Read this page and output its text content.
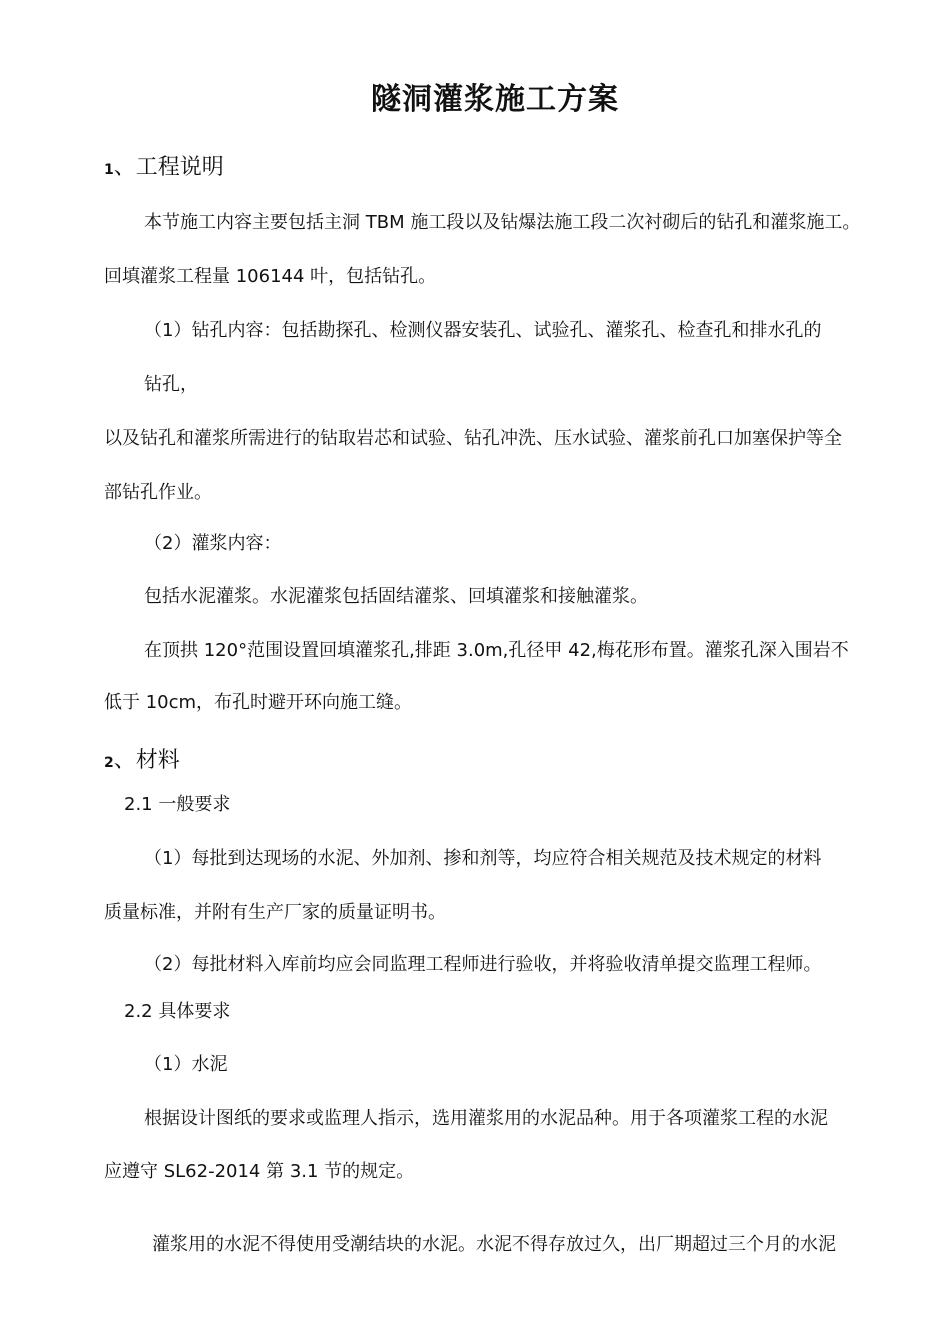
隧洞灌浆施工方案
1、工程说明
本节施工内容主要包括主洞 TBM 施工段以及钻爆法施工段二次衬砌后的钻孔和灌浆施工。
回填灌浆工程量 106144 叶，包括钻孔。
（1）钻孔内容：包括勘探孔、检测仪器安装孔、试验孔、灌浆孔、检查孔和排水孔的
钻孔，
以及钻孔和灌浆所需进行的钻取岩芯和试验、钻孔冲洗、压水试验、灌浆前孔口加塞保护等全
部钻孔作业。
（2）灌浆内容：
包括水泥灌浆。水泥灌浆包括固结灌浆、回填灌浆和接触灌浆。
在顶拱 120°范围设置回填灌浆孔,排距 3.0m,孔径甲 42,梅花形布置。灌浆孔深入围岩不
低于 10cm，布孔时避开环向施工缝。
2、材料
2.1 一般要求
（1）每批到达现场的水泥、外加剂、掺和剂等，均应符合相关规范及技术规定的材料
质量标准，并附有生产厂家的质量证明书。
（2）每批材料入库前均应会同监理工程师进行验收，并将验收清单提交监理工程师。
2.2 具体要求
（1）水泥
根据设计图纸的要求或监理人指示，选用灌浆用的水泥品种。用于各项灌浆工程的水泥
应遵守 SL62-2014 第 3.1 节的规定。
灌浆用的水泥不得使用受潮结块的水泥。水泥不得存放过久，出厂期超过三个月的水泥
